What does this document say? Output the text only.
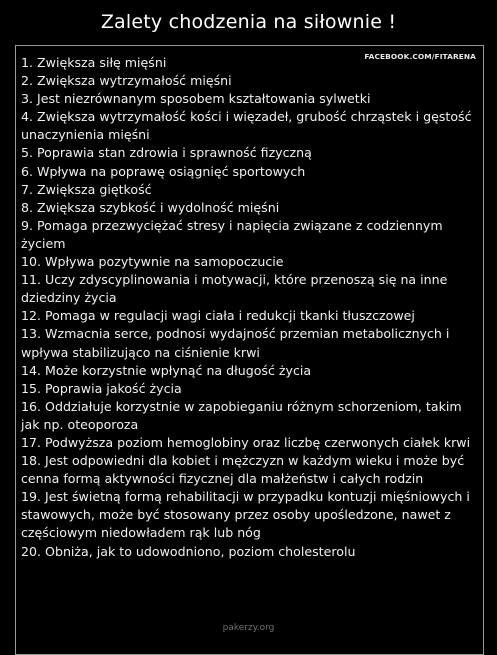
Zalety chodzenia na siłownie !
FACEBOOK.COM/FITARENA
1. Zwiększa siłę mięśni
2. Zwiększa wytrzymałość mięśni
3. Jest niezrównanym sposobem kształtowania sylwetki
4. Zwiększa wytrzymałość kości i więzadeł, grubość chrząstek i gęstość unaczynienia mięśni
5. Poprawia stan zdrowia i sprawność fizyczną
6. Wpływa na poprawę osiągnięć sportowych
7. Zwiększa giętkość
8. Zwiększa szybkość i wydolność mięśni
9. Pomaga przezwyciężać stresy i napięcia związane z codziennym życiem
10. Wpływa pozytywnie na samopoczucie
11. Uczy zdyscyplinowania i motywacji, które przenoszą się na inne dziedziny życia
12. Pomaga w regulacji wagi ciała i redukcji tkanki tłuszczowej
13. Wzmacnia serce, podnosi wydajność przemian metabolicznych i wpływa stabilizująco na ciśnienie krwi
14. Może korzystnie wpłynąć na długość życia
15. Poprawia jakość życia
16. Oddziałuje korzystnie w zapobieganiu różnym schorzeniom, takim jak np. oteoporoza
17. Podwyższa poziom hemoglobiny oraz liczbę czerwonych ciałek krwi
18. Jest odpowiedni dla kobiet i mężczyzn w każdym wieku i może być cenna formą aktywności fizycznej dla małżeństw i całych rodzin
19. Jest świetną formą rehabilitacji w przypadku kontuzji mięśniowych i stawowych, może być stosowany przez osoby upośledzone, nawet z częściowym niedowładem rąk lub nóg
20. Obniża, jak to udowodniono, poziom cholesterolu
pakerzy.org
